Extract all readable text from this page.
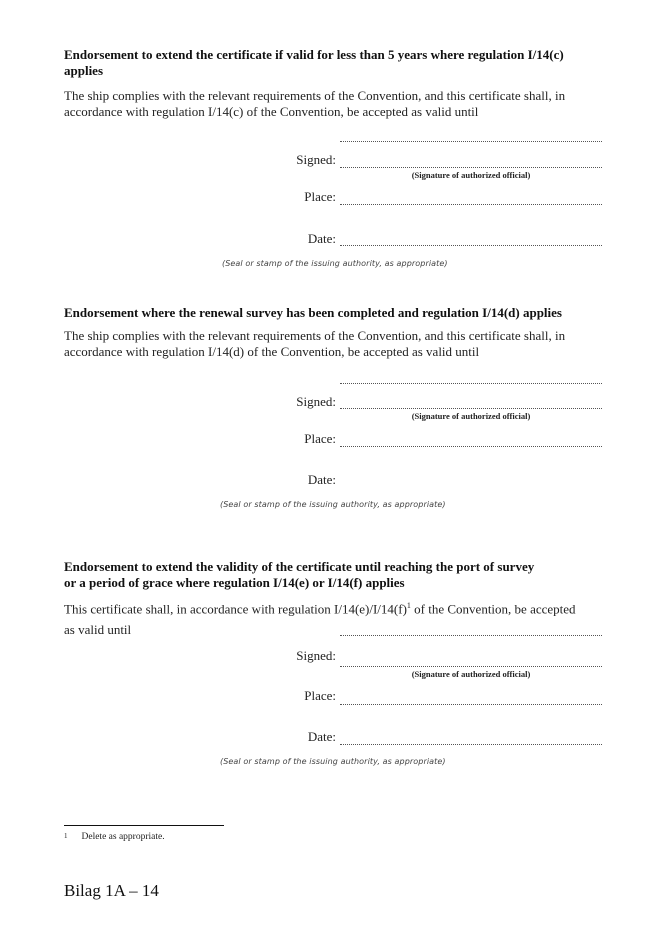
Endorsement to extend the certificate if valid for less than 5 years where regulation I/14(c) applies
The ship complies with the relevant requirements of the Convention, and this certificate shall, in accordance with regulation I/14(c) of the Convention, be accepted as valid until
Signed:
(Signature of authorized official)
Place:
Date:
(Seal or stamp of the issuing authority, as appropriate)
Endorsement where the renewal survey has been completed and regulation I/14(d) applies
The ship complies with the relevant requirements of the Convention, and this certificate shall, in accordance with regulation I/14(d) of the Convention, be accepted as valid until
Signed:
(Signature of authorized official)
Place:
Date:
(Seal or stamp of the issuing authority, as appropriate)
Endorsement to extend the validity of the certificate until reaching the port of survey
or a period of grace where regulation I/14(e) or I/14(f) applies
This certificate shall, in accordance with regulation $I/14(e)/I/14(f)^1$ of the Convention, be accepted
as valid until
Signed:
(Signature of authorized official)
Place:
Date:
(Seal or stamp of the issuing authority, as appropriate)
$^1$ Delete as appropriate.
Bilag 1A – 14
